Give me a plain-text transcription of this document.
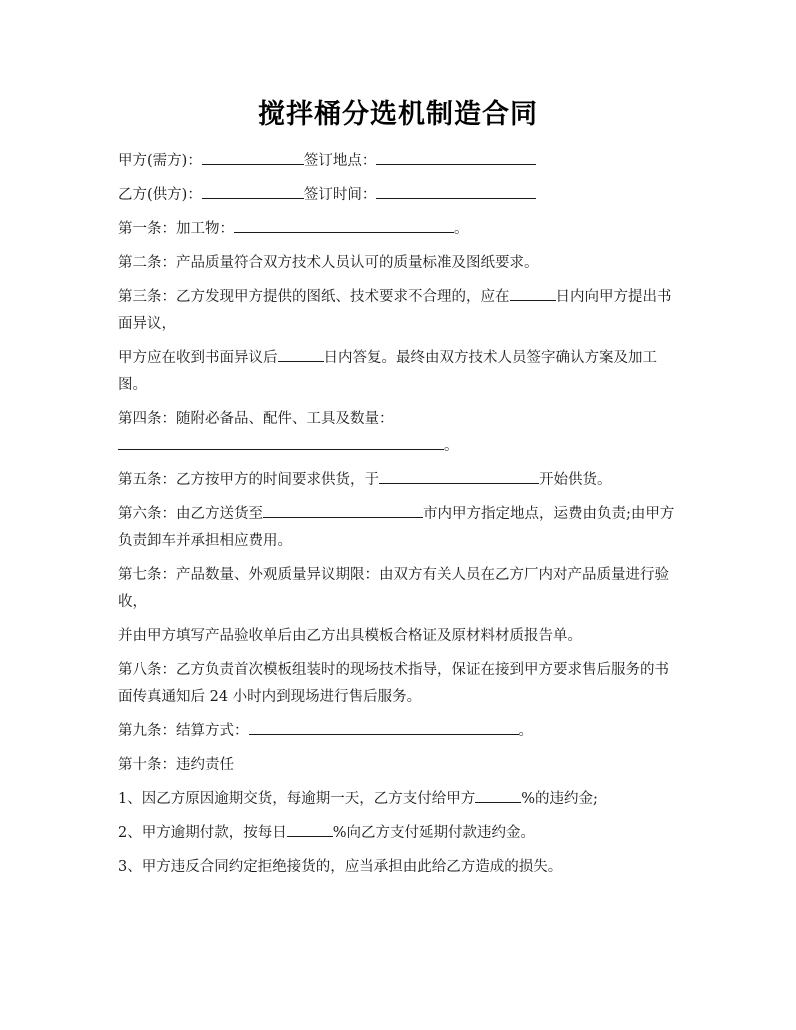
搅拌桶分选机制造合同
甲方(需方)：	签订地点：
乙方(供方)：	签订时间：
第一条：加工物：	。
第二条：产品质量符合双方技术人员认可的质量标准及图纸要求。
第三条：乙方发现甲方提供的图纸、技术要求不合理的，应在	日内向甲方提出书面异议，
甲方应在收到书面异议后	日内答复。最终由双方技术人员签字确认方案及加工图。
第四条：随附必备品、配件、工具及数量：
。
第五条：乙方按甲方的时间要求供货，于	开始供货。
第六条：由乙方送货至	市内甲方指定地点，运费由负责;由甲方负责卸车并承担相应费用。
第七条：产品数量、外观质量异议期限：由双方有关人员在乙方厂内对产品质量进行验收，
并由甲方填写产品验收单后由乙方出具模板合格证及原材料材质报告单。
第八条：乙方负责首次模板组装时的现场技术指导，保证在接到甲方要求售后服务的书面传真通知后 24 小时内到现场进行售后服务。
第九条：结算方式：	。
第十条：违约责任
1、因乙方原因逾期交货，每逾期一天，乙方支付给甲方	%的违约金;
2、甲方逾期付款，按每日	%向乙方支付延期付款违约金。
3、甲方违反合同约定拒绝接货的，应当承担由此给乙方造成的损失。
